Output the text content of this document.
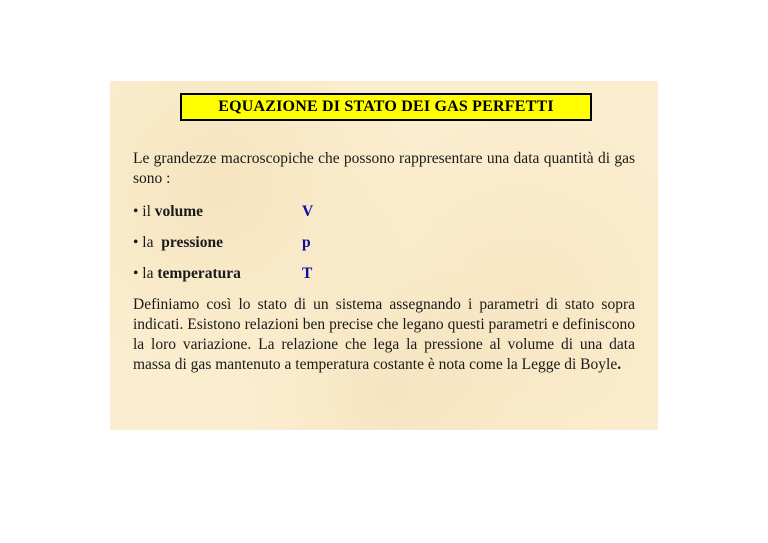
EQUAZIONE DI STATO DEI GAS PERFETTI
Le grandezze macroscopiche che possono rappresentare una data quantità di gas sono :
• il volume	V
• la  pressione	p
• la temperatura	T
Definiamo così lo stato di un sistema assegnando i parametri di stato sopra indicati. Esistono relazioni ben precise che legano questi parametri e definiscono la loro variazione. La relazione che lega la pressione al volume di una data massa di gas mantenuto a temperatura costante è nota come la Legge di Boyle.
